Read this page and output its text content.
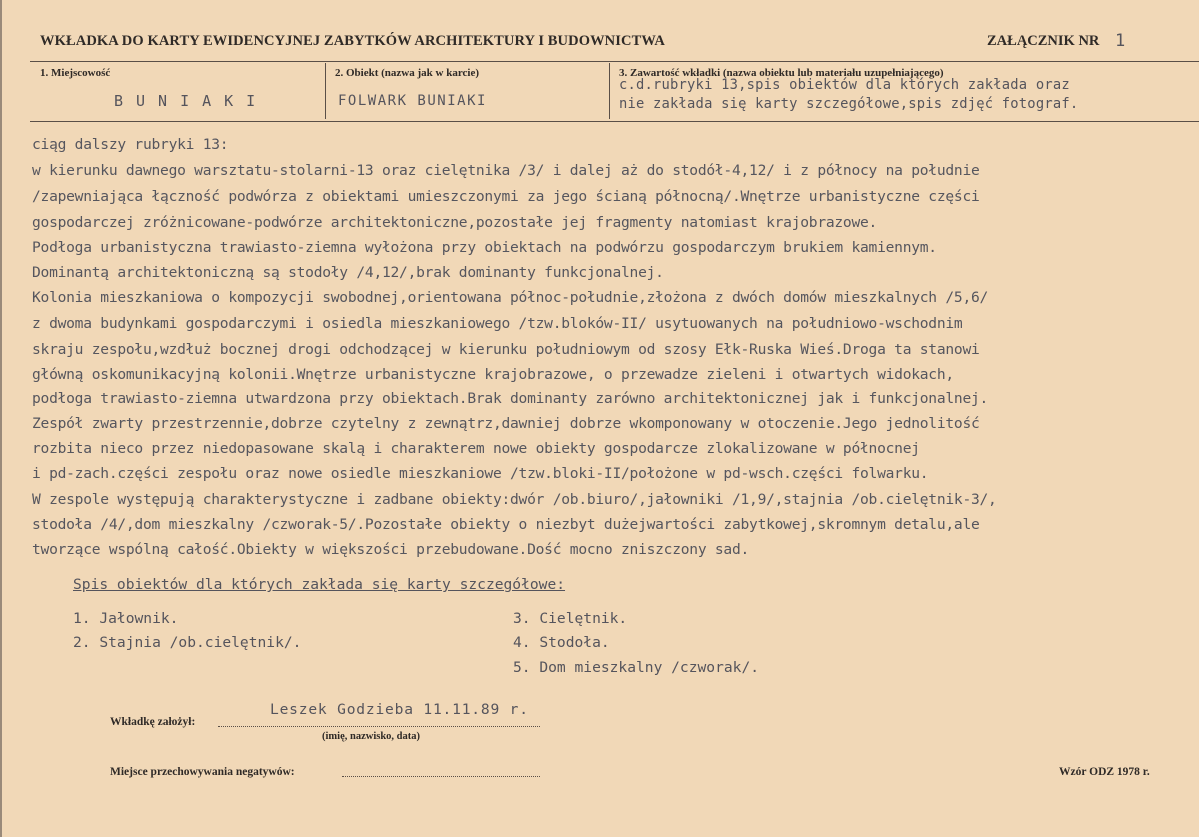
WKŁADKA DO KARTY EWIDENCYJNEJ ZABYTKÓW ARCHITEKTURY I BUDOWNICTWA	ZAŁĄCZNIK NR 1
1. Miejscowość
BUNIAKI
2. Obiekt (nazwa jak w karcie)
FOLWARK BUNIAKI
3. Zawartość wkładki (nazwa obiektu lub materiału uzupełniającego)
c.d.rubryki 13,spis obiektów dla których zakłada oraz
nie zakłada się karty szczegółowe,spis zdjęć fotograf.
ciąg dalszy rubryki 13:
w kierunku dawnego warsztatu-stolarni-13 oraz cielętnika /3/ i dalej aż do stodół-4,12/ i z północy na południe
/zapewniająca łączność podwórza z obiektami umieszczonymi za jego ścianą północną/.Wnętrze urbanistyczne części
gospodarczej zróżnicowane-podwórze architektoniczne,pozostałe jej fragmenty natomiast krajobrazowe.
Podłoga urbanistyczna trawiasto-ziemna wyłożona przy obiektach na podwórzu gospodarczym brukiem kamiennym.
Dominantą architektoniczną są stodoły /4,12/,brak dominanty funkcjonalnej.
Kolonia mieszkaniowa o kompozycji swobodnej,orientowana północ-południe,złożona z dwóch domów mieszkalnych /5,6/
z dwoma budynkami gospodarczymi i osiedla mieszkaniowego /tzw.bloków-II/ usytuowanych na południowo-wschodnim
skraju zespołu,wzdłuż bocznej drogi odchodzącej w kierunku południowym od szosy Ełk-Ruska Wieś.Droga ta stanowi
główną oskomunikacyjną kolonii.Wnętrze urbanistyczne krajobrazowe, o przewadze zieleni i otwartych widokach,
podłoga trawiasto-ziemna utwardzona przy obiektach.Brak dominanty zarówno architektonicznej jak i funkcjonalnej.
Zespół zwarty przestrzennie,dobrze czytelny z zewnątrz,dawniej dobrze wkomponowany w otoczenie.Jego jednolitość
rozbita nieco przez niedopasowane skalą i charakterem nowe obiekty gospodarcze zlokalizowane w północnej
i pd-zach.części zespołu oraz nowe osiedle mieszkaniowe /tzw.bloki-II/położone w pd-wsch.części folwarku.
W zespole występują charakterystyczne i zadbane obiekty:dwór /ob.biuro/,jałowniki /1,9/,stajnia /ob.cielętnik-3/,
stodoła /4/,dom mieszkalny /czworak-5/.Pozostałe obiekty o niezbyt dużejwartości zabytkowej,skromnym detalu,ale
tworzące wspólną całość.Obiekty w większości przebudowane.Dość mocno zniszczony sad.
Spis obiektów dla których zakłada się karty szczegółowe:
1. Jałownik.
2. Stajnia /ob.cielętnik/.
3. Cielętnik.
4. Stodoła.
5. Dom mieszkalny /czworak/.
Wkładkę założył:
Leszek Godzieba 11.11.89 r.
(imię, nazwisko, data)
Miejsce przechowywania negatywów:	Wzór ODZ 1978 r.
